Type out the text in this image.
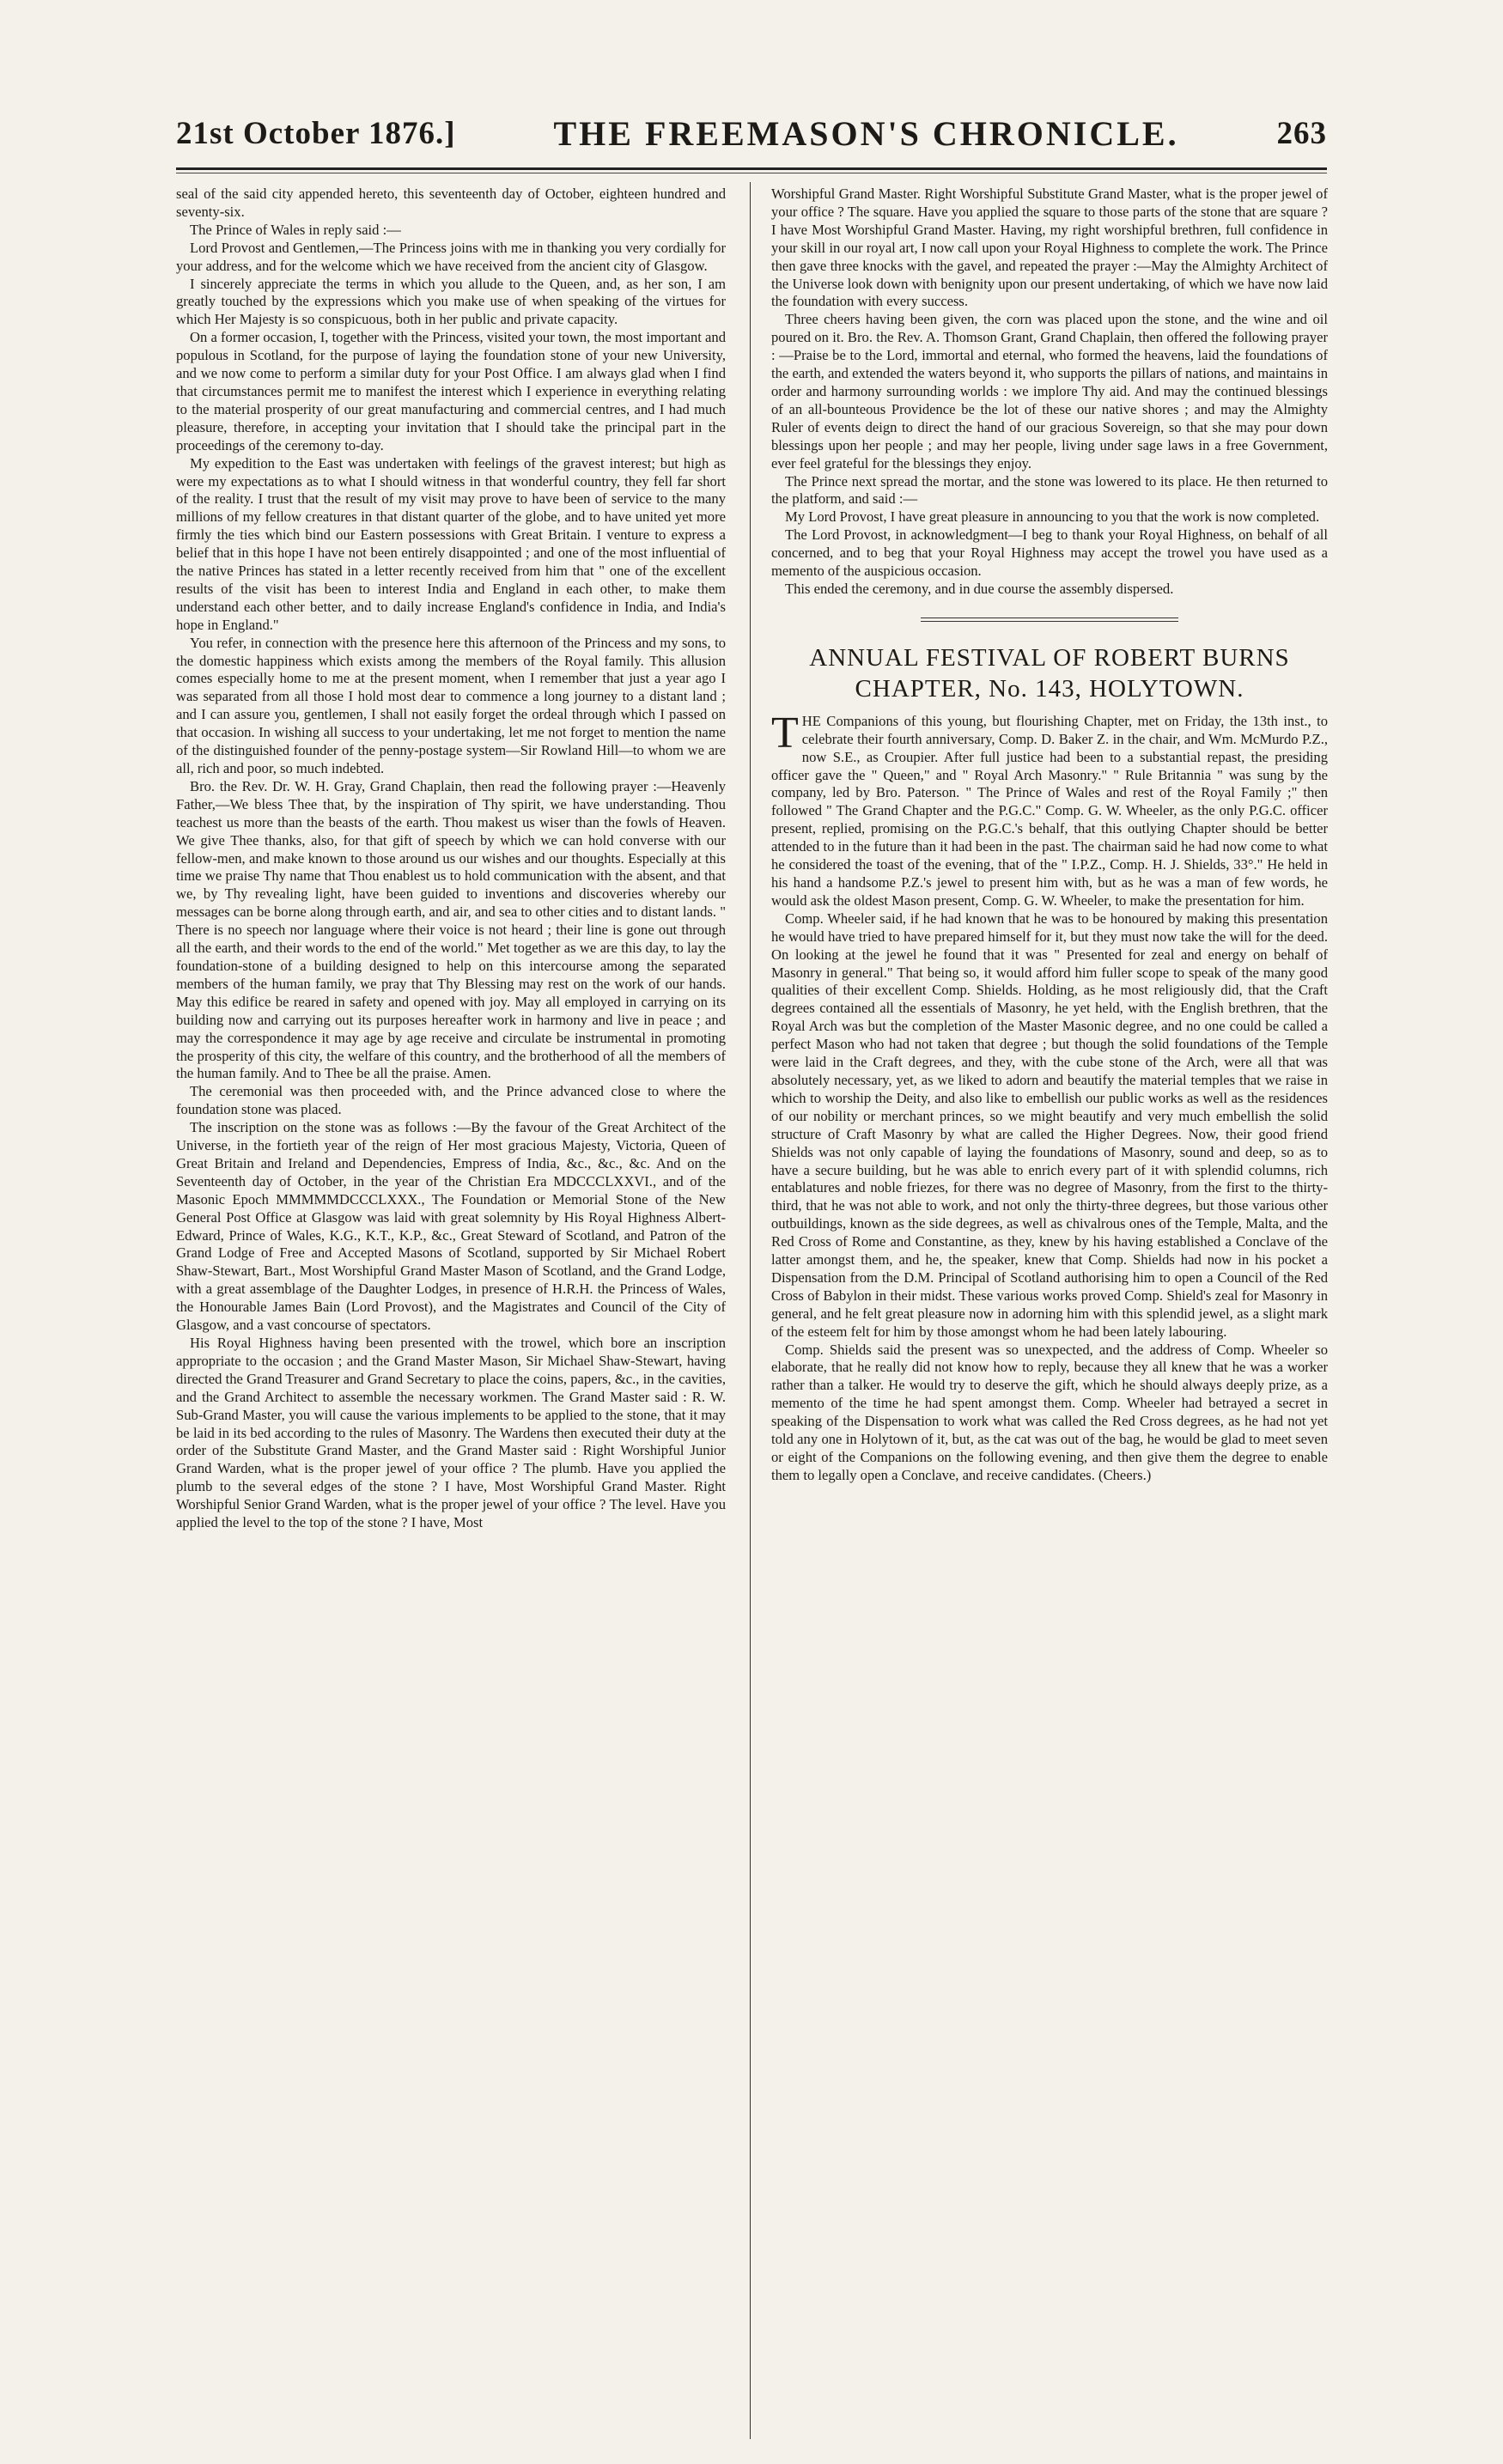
21st October 1876.]	THE FREEMASON'S CHRONICLE.	263

seal of the said city appended hereto, this seventeenth day of October, eighteen hundred and seventy-six.

The Prince of Wales in reply said :—

Lord Provost and Gentlemen,—The Princess joins with me in thanking you very cordially for your address, and for the welcome which we have received from the ancient city of Glasgow.

I sincerely appreciate the terms in which you allude to the Queen, and, as her son, I am greatly touched by the expressions which you make use of when speaking of the virtues for which Her Majesty is so conspicuous, both in her public and private capacity.

On a former occasion, I, together with the Princess, visited your town, the most important and populous in Scotland, for the purpose of laying the foundation stone of your new University, and we now come to perform a similar duty for your Post Office. I am always glad when I find that circumstances permit me to manifest the interest which I experience in everything relating to the material prosperity of our great manufacturing and commercial centres, and I had much pleasure, therefore, in accepting your invitation that I should take the principal part in the proceedings of the ceremony to-day.

My expedition to the East was undertaken with feelings of the gravest interest; but high as were my expectations as to what I should witness in that wonderful country, they fell far short of the reality. I trust that the result of my visit may prove to have been of service to the many millions of my fellow creatures in that distant quarter of the globe, and to have united yet more firmly the ties which bind our Eastern possessions with Great Britain. I venture to express a belief that in this hope I have not been entirely disappointed ; and one of the most influential of the native Princes has stated in a letter recently received from him that " one of the excellent results of the visit has been to interest India and England in each other, to make them understand each other better, and to daily increase England's confidence in India, and India's hope in England."

You refer, in connection with the presence here this afternoon of the Princess and my sons, to the domestic happiness which exists among the members of the Royal family. This allusion comes especially home to me at the present moment, when I remember that just a year ago I was separated from all those I hold most dear to commence a long journey to a distant land ; and I can assure you, gentlemen, I shall not easily forget the ordeal through which I passed on that occasion. In wishing all success to your undertaking, let me not forget to mention the name of the distinguished founder of the penny-postage system—Sir Rowland Hill—to whom we are all, rich and poor, so much indebted.

Bro. the Rev. Dr. W. H. Gray, Grand Chaplain, then read the following prayer :—Heavenly Father,—We bless Thee that, by the inspiration of Thy spirit, we have understanding. Thou teachest us more than the beasts of the earth. Thou makest us wiser than the fowls of Heaven. We give Thee thanks, also, for that gift of speech by which we can hold converse with our fellow-men, and make known to those around us our wishes and our thoughts. Especially at this time we praise Thy name that Thou enablest us to hold communication with the absent, and that we, by Thy revealing light, have been guided to inventions and discoveries whereby our messages can be borne along through earth, and air, and sea to other cities and to distant lands. " There is no speech nor language where their voice is not heard ; their line is gone out through all the earth, and their words to the end of the world." Met together as we are this day, to lay the foundation-stone of a building designed to help on this intercourse among the separated members of the human family, we pray that Thy Blessing may rest on the work of our hands. May this edifice be reared in safety and opened with joy. May all employed in carrying on its building now and carrying out its purposes hereafter work in harmony and live in peace ; and may the correspondence it may age by age receive and circulate be instrumental in promoting the prosperity of this city, the welfare of this country, and the brotherhood of all the members of the human family. And to Thee be all the praise. Amen.

The ceremonial was then proceeded with, and the Prince advanced close to where the foundation stone was placed.

The inscription on the stone was as follows :—By the favour of the Great Architect of the Universe, in the fortieth year of the reign of Her most gracious Majesty, Victoria, Queen of Great Britain and Ireland and Dependencies, Empress of India, &c., &c., &c. And on the Seventeenth day of October, in the year of the Christian Era MDCCCLXXVI., and of the Masonic Epoch MMMMMDCCCLXXX., The Foundation or Memorial Stone of the New General Post Office at Glasgow was laid with great solemnity by His Royal Highness Albert-Edward, Prince of Wales, K.G., K.T., K.P., &c., Great Steward of Scotland, and Patron of the Grand Lodge of Free and Accepted Masons of Scotland, supported by Sir Michael Robert Shaw-Stewart, Bart., Most Worshipful Grand Master Mason of Scotland, and the Grand Lodge, with a great assemblage of the Daughter Lodges, in presence of H.R.H. the Princess of Wales, the Honourable James Bain (Lord Provost), and the Magistrates and Council of the City of Glasgow, and a vast concourse of spectators.

His Royal Highness having been presented with the trowel, which bore an inscription appropriate to the occasion ; and the Grand Master Mason, Sir Michael Shaw-Stewart, having directed the Grand Treasurer and Grand Secretary to place the coins, papers, &c., in the cavities, and the Grand Architect to assemble the necessary workmen. The Grand Master said : R. W. Sub-Grand Master, you will cause the various implements to be applied to the stone, that it may be laid in its bed according to the rules of Masonry. The Wardens then executed their duty at the order of the Substitute Grand Master, and the Grand Master said : Right Worshipful Junior Grand Warden, what is the proper jewel of your office ? The plumb. Have you applied the plumb to the several edges of the stone ? I have, Most Worshipful Grand Master. Right Worshipful Senior Grand Warden, what is the proper jewel of your office ? The level. Have you applied the level to the top of the stone ? I have, Most

Worshipful Grand Master. Right Worshipful Substitute Grand Master, what is the proper jewel of your office ? The square. Have you applied the square to those parts of the stone that are square ? I have Most Worshipful Grand Master. Having, my right worshipful brethren, full confidence in your skill in our royal art, I now call upon your Royal Highness to complete the work. The Prince then gave three knocks with the gavel, and repeated the prayer :—May the Almighty Architect of the Universe look down with benignity upon our present undertaking, of which we have now laid the foundation with every success.

Three cheers having been given, the corn was placed upon the stone, and the wine and oil poured on it. Bro. the Rev. A. Thomson Grant, Grand Chaplain, then offered the following prayer : —Praise be to the Lord, immortal and eternal, who formed the heavens, laid the foundations of the earth, and extended the waters beyond it, who supports the pillars of nations, and maintains in order and harmony surrounding worlds : we implore Thy aid. And may the continued blessings of an all-bounteous Providence be the lot of these our native shores ; and may the Almighty Ruler of events deign to direct the hand of our gracious Sovereign, so that she may pour down blessings upon her people ; and may her people, living under sage laws in a free Government, ever feel grateful for the blessings they enjoy.

The Prince next spread the mortar, and the stone was lowered to its place. He then returned to the platform, and said :—

My Lord Provost, I have great pleasure in announcing to you that the work is now completed.

The Lord Provost, in acknowledgment—I beg to thank your Royal Highness, on behalf of all concerned, and to beg that your Royal Highness may accept the trowel you have used as a memento of the auspicious occasion.

This ended the ceremony, and in due course the assembly dispersed.

ANNUAL FESTIVAL OF ROBERT BURNS CHAPTER, No. 143, HOLYTOWN.

THE Companions of this young, but flourishing Chapter, met on Friday, the 13th inst., to celebrate their fourth anniversary, Comp. D. Baker Z. in the chair, and Wm. McMurdo P.Z., now S.E., as Croupier. After full justice had been to a substantial repast, the presiding officer gave the " Queen," and " Royal Arch Masonry." " Rule Britannia " was sung by the company, led by Bro. Paterson. " The Prince of Wales and rest of the Royal Family ;" then followed " The Grand Chapter and the P.G.C." Comp. G. W. Wheeler, as the only P.G.C. officer present, replied, promising on the P.G.C.'s behalf, that this outlying Chapter should be better attended to in the future than it had been in the past. The chairman said he had now come to what he considered the toast of the evening, that of the " I.P.Z., Comp. H. J. Shields, 33°." He held in his hand a handsome P.Z.'s jewel to present him with, but as he was a man of few words, he would ask the oldest Mason present, Comp. G. W. Wheeler, to make the presentation for him.

Comp. Wheeler said, if he had known that he was to be honoured by making this presentation he would have tried to have prepared himself for it, but they must now take the will for the deed. On looking at the jewel he found that it was " Presented for zeal and energy on behalf of Masonry in general." That being so, it would afford him fuller scope to speak of the many good qualities of their excellent Comp. Shields. Holding, as he most religiously did, that the Craft degrees contained all the essentials of Masonry, he yet held, with the English brethren, that the Royal Arch was but the completion of the Master Masonic degree, and no one could be called a perfect Mason who had not taken that degree ; but though the solid foundations of the Temple were laid in the Craft degrees, and they, with the cube stone of the Arch, were all that was absolutely necessary, yet, as we liked to adorn and beautify the material temples that we raise in which to worship the Deity, and also like to embellish our public works as well as the residences of our nobility or merchant princes, so we might beautify and very much embellish the solid structure of Craft Masonry by what are called the Higher Degrees. Now, their good friend Shields was not only capable of laying the foundations of Masonry, sound and deep, so as to have a secure building, but he was able to enrich every part of it with splendid columns, rich entablatures and noble friezes, for there was no degree of Masonry, from the first to the thirty-third, that he was not able to work, and not only the thirty-three degrees, but those various other outbuildings, known as the side degrees, as well as chivalrous ones of the Temple, Malta, and the Red Cross of Rome and Constantine, as they, knew by his having established a Conclave of the latter amongst them, and he, the speaker, knew that Comp. Shields had now in his pocket a Dispensation from the D.M. Principal of Scotland authorising him to open a Council of the Red Cross of Babylon in their midst. These various works proved Comp. Shield's zeal for Masonry in general, and he felt great pleasure now in adorning him with this splendid jewel, as a slight mark of the esteem felt for him by those amongst whom he had been lately labouring.

Comp. Shields said the present was so unexpected, and the address of Comp. Wheeler so elaborate, that he really did not know how to reply, because they all knew that he was a worker rather than a talker. He would try to deserve the gift, which he should always deeply prize, as a memento of the time he had spent amongst them. Comp. Wheeler had betrayed a secret in speaking of the Dispensation to work what was called the Red Cross degrees, as he had not yet told any one in Holytown of it, but, as the cat was out of the bag, he would be glad to meet seven or eight of the Companions on the following evening, and then give them the degree to enable them to legally open a Conclave, and receive candidates. (Cheers.)
